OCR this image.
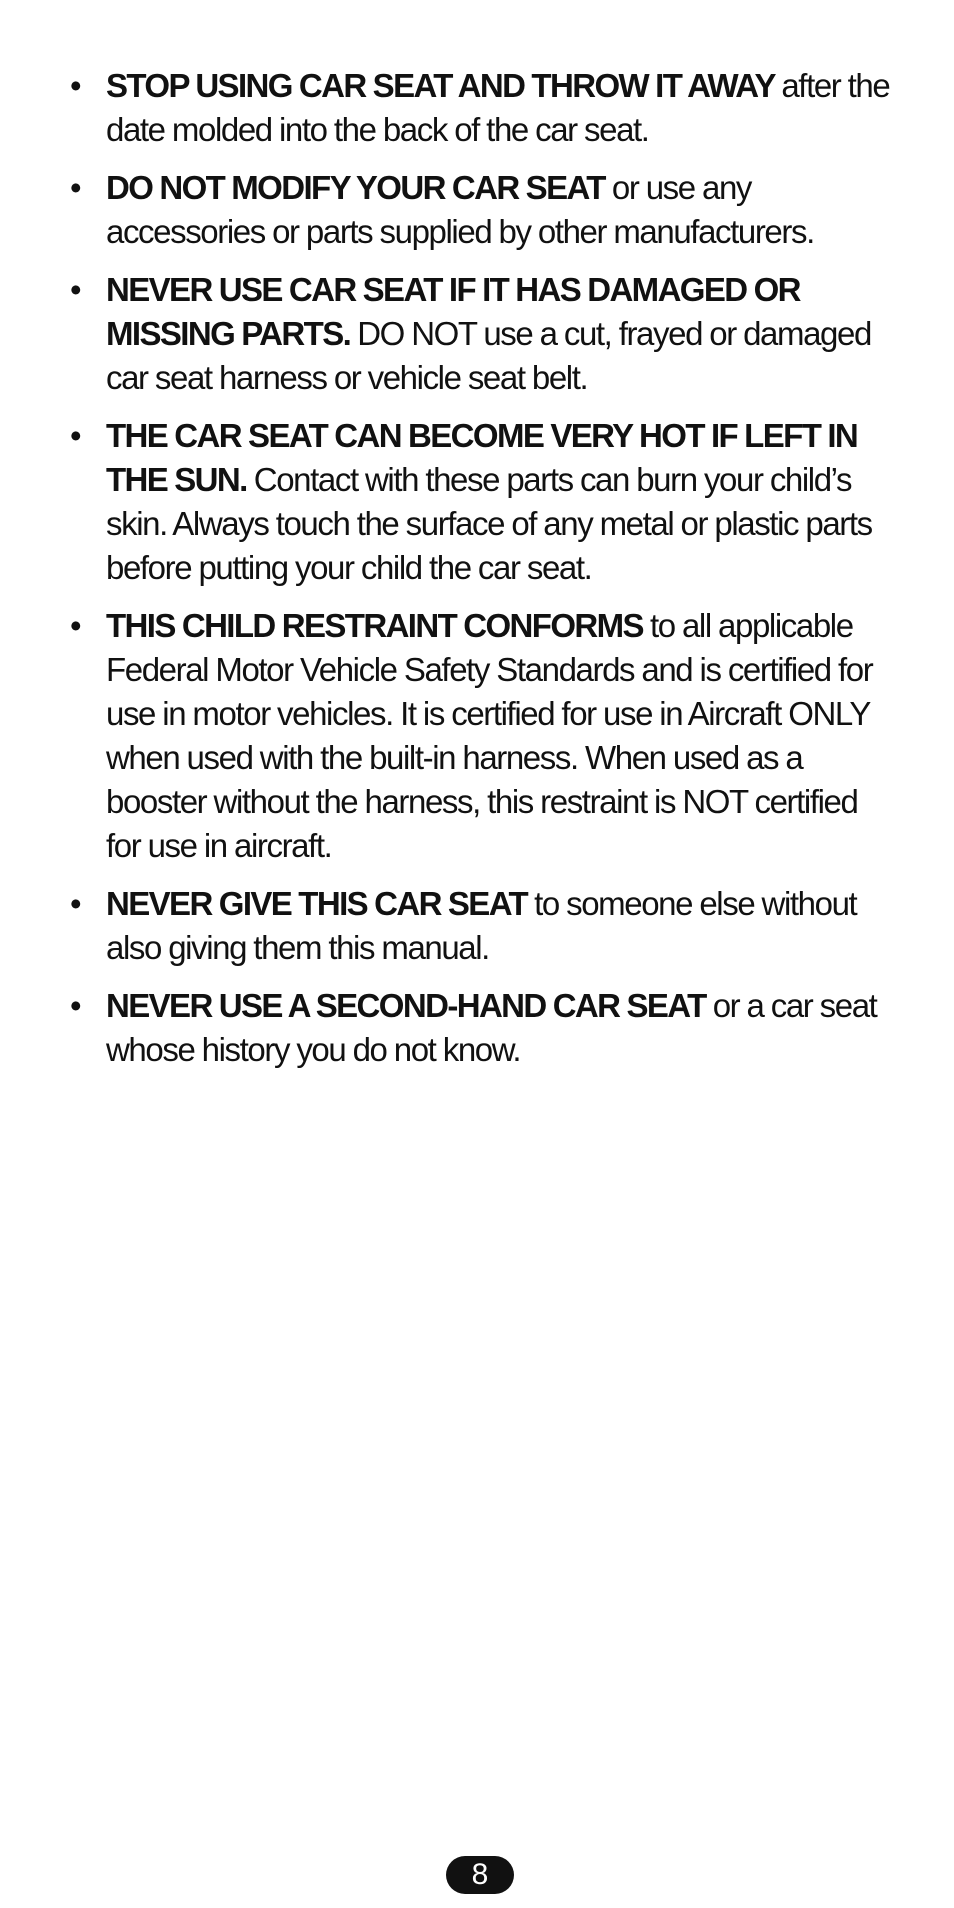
• STOP USING CAR SEAT AND THROW IT AWAY after the date molded into the back of the car seat.
• DO NOT MODIFY YOUR CAR SEAT or use any accessories or parts supplied by other manufacturers.
• NEVER USE CAR SEAT IF IT HAS DAMAGED OR MISSING PARTS. DO NOT use a cut, frayed or damaged car seat harness or vehicle seat belt.
• THE CAR SEAT CAN BECOME VERY HOT IF LEFT IN THE SUN. Contact with these parts can burn your child’s skin. Always touch the surface of any metal or plastic parts before putting your child the car seat.
• THIS CHILD RESTRAINT CONFORMS to all applicable Federal Motor Vehicle Safety Standards and is certified for use in motor vehicles. It is certified for use in Aircraft ONLY when used with the built-in harness. When used as a booster without the harness, this restraint is NOT certified for use in aircraft.
• NEVER GIVE THIS CAR SEAT to someone else without also giving them this manual.
• NEVER USE A SECOND-HAND CAR SEAT or a car seat whose history you do not know.
8
